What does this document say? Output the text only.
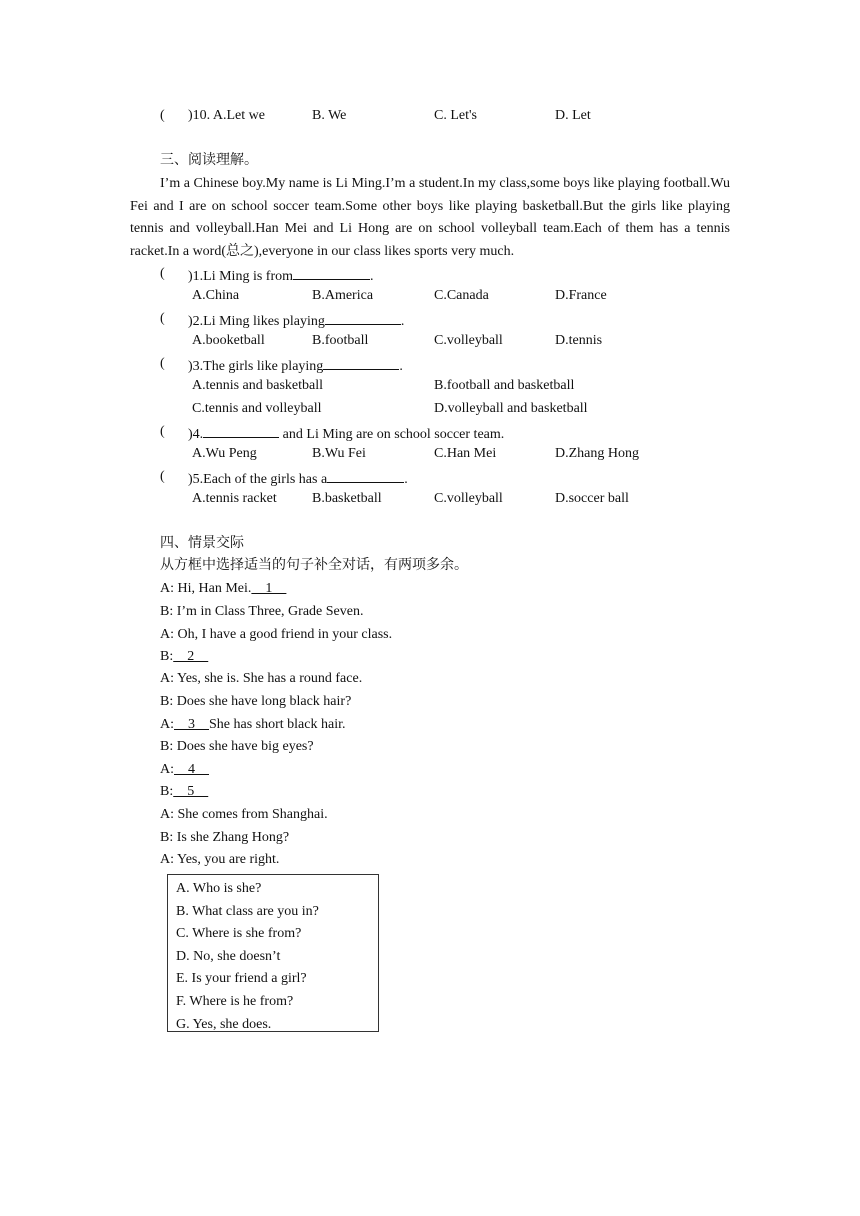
( )10. A.Let we	B. We	C. Let's	D. Let
三、阅读理解。
I’m a Chinese boy.My name is Li Ming.I’m a student.In my class,some boys like playing football.Wu Fei and I are on school soccer team.Some other boys like playing basketball.But the girls like playing tennis and volleyball.Han Mei and Li Hong are on school volleyball team.Each of them has a tennis racket.In a word(总之),everyone in our class likes sports very much.
( )1.Li Ming is from	.
A.China	B.America	C.Canada	D.France
( )2.Li Ming likes playing	.
A.booketball	B.football	C.volleyball	D.tennis
( )3.The girls like playing	.
A.tennis and basketball	B.football and basketball
C.tennis and volleyball	D.volleyball and basketball
( )4.	and Li Ming are on school soccer team.
A.Wu Peng	B.Wu Fei	C.Han Mei	D.Zhang Hong
( )5.Each of the girls has a	.
A.tennis racket	B.basketball	C.volleyball	D.soccer ball
四、情景交际
从方框中选择适当的句子补全对话，有两项多余。
A: Hi, Han Mei.    1
B: I’m in Class Three, Grade Seven.
A: Oh, I have a good friend in your class.
B:    2
A: Yes, she is. She has a round face.
B: Does she have long black hair?
A:    3    She has short black hair.
B: Does she have big eyes?
A:    4
B:    5
A: She comes from Shanghai.
B: Is she Zhang Hong?
A: Yes, you are right.
A. Who is she?
B. What class are you in?
C. Where is she from?
D. No, she doesn’t
E. Is your friend a girl?
F. Where is he from?
G. Yes, she does.
